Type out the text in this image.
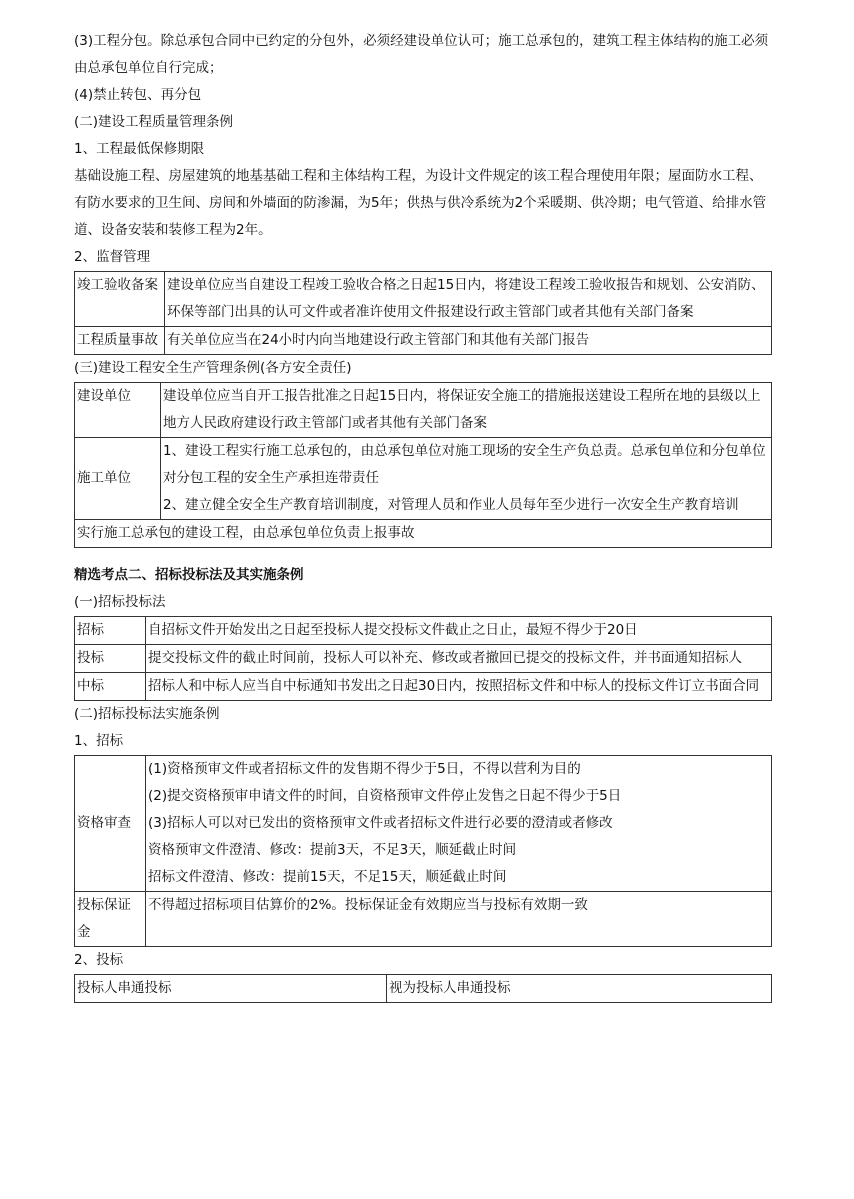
(3)工程分包。除总承包合同中已约定的分包外，必须经建设单位认可；施工总承包的，建筑工程主体结构的施工必须由总承包单位自行完成；

(4)禁止转包、再分包

(二)建设工程质量管理条例

1、工程最低保修期限

基础设施工程、房屋建筑的地基基础工程和主体结构工程，为设计文件规定的该工程合理使用年限；屋面防水工程、有防水要求的卫生间、房间和外墙面的防渗漏，为5年；供热与供冷系统为2个采暖期、供冷期；电气管道、给排水管道、设备安装和装修工程为2年。

2、监督管理

竣工验收备案	建设单位应当自建设工程竣工验收合格之日起15日内，将建设工程竣工验收报告和规划、公安消防、环保等部门出具的认可文件或者准许使用文件报建设行政主管部门或者其他有关部门备案
工程质量事故	有关单位应当在24小时内向当地建设行政主管部门和其他有关部门报告

(三)建设工程安全生产管理条例(各方安全责任)

建设单位	建设单位应当自开工报告批准之日起15日内，将保证安全施工的措施报送建设工程所在地的县级以上地方人民政府建设行政主管部门或者其他有关部门备案
施工单位	1、建设工程实行施工总承包的，由总承包单位对施工现场的安全生产负总责。总承包单位和分包单位对分包工程的安全生产承担连带责任
2、建立健全安全生产教育培训制度，对管理人员和作业人员每年至少进行一次安全生产教育培训

实行施工总承包的建设工程，由总承包单位负责上报事故	

精选考点二、招标投标法及其实施条例

(一)招标投标法

招标	自招标文件开始发出之日起至投标人提交投标文件截止之日止，最短不得少于20日
投标	提交投标文件的截止时间前，投标人可以补充、修改或者撤回已提交的投标文件，并书面通知招标人
中标	招标人和中标人应当自中标通知书发出之日起30日内，按照招标文件和中标人的投标文件订立书面合同

(二)招标投标法实施条例

1、招标

资格审查	(1)资格预审文件或者招标文件的发售期不得少于5日，不得以营利为目的
(2)提交资格预审申请文件的时间，自资格预审文件停止发售之日起不得少于5日
(3)招标人可以对已发出的资格预审文件或者招标文件进行必要的澄清或者修改
资格预审文件澄清、修改：提前3天，不足3天，顺延截止时间
招标文件澄清、修改：提前15天，不足15天，顺延截止时间

投标保证金	不得超过招标项目估算价的2%。投标保证金有效期应当与投标有效期一致

2、投标

投标人串通投标	视为投标人串通投标
